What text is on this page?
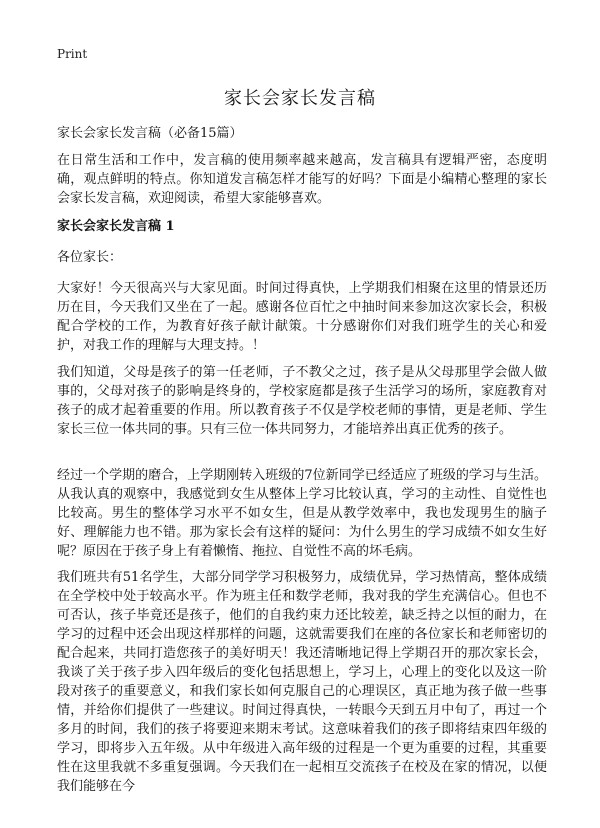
Print
家长会家长发言稿
家长会家长发言稿（必备15篇）
在日常生活和工作中，发言稿的使用频率越来越高，发言稿具有逻辑严密，态度明确，观点鲜明的特点。你知道发言稿怎样才能写的好吗？下面是小编精心整理的家长会家长发言稿，欢迎阅读，希望大家能够喜欢。
家长会家长发言稿 1
各位家长：
大家好！今天很高兴与大家见面。时间过得真快，上学期我们相聚在这里的情景还历历在目，今天我们又坐在了一起。感谢各位百忙之中抽时间来参加这次家长会，积极配合学校的工作，为教育好孩子献计献策。十分感谢你们对我们班学生的关心和爱护，对我工作的理解与大理支持。！
我们知道，父母是孩子的第一任老师，子不教父之过，孩子是从父母那里学会做人做事的，父母对孩子的影响是终身的，学校家庭都是孩子生活学习的场所，家庭教育对孩子的成才起着重要的作用。所以教育孩子不仅是学校老师的事情，更是老师、学生家长三位一体共同的事。只有三位一体共同努力，才能培养出真正优秀的孩子。
经过一个学期的磨合，上学期刚转入班级的7位新同学已经适应了班级的学习与生活。从我认真的观察中，我感觉到女生从整体上学习比较认真，学习的主动性、自觉性也比较高。男生的整体学习水平不如女生，但是从教学效率中，我也发现男生的脑子好、理解能力也不错。那为家长会有这样的疑问：为什么男生的学习成绩不如女生好呢？原因在于孩子身上有着懒惰、拖拉、自觉性不高的坏毛病。
我们班共有51名学生，大部分同学学习积极努力，成绩优异，学习热情高，整体成绩在全学校中处于较高水平。作为班主任和数学老师，我对我的学生充满信心。但也不可否认，孩子毕竟还是孩子，他们的自我约束力还比较差，缺乏持之以恒的耐力，在学习的过程中还会出现这样那样的问题，这就需要我们在座的各位家长和老师密切的配合起来，共同打造您孩子的美好明天！我还清晰地记得上学期召开的那次家长会，我谈了关于孩子步入四年级后的变化包括思想上，学习上，心理上的变化以及这一阶段对孩子的重要意义，和我们家长如何克服自己的心理误区，真正地为孩子做一些事情，并给你们提供了一些建议。时间过得真快，一转眼今天到五月中旬了，再过一个多月的时间，我们的孩子将要迎来期末考试。这意味着我们的孩子即将结束四年级的学习，即将步入五年级。从中年级进入高年级的过程是一个更为重要的过程，其重要性在这里我就不多重复强调。今天我们在一起相互交流孩子在校及在家的情况，以便我们能够在今
